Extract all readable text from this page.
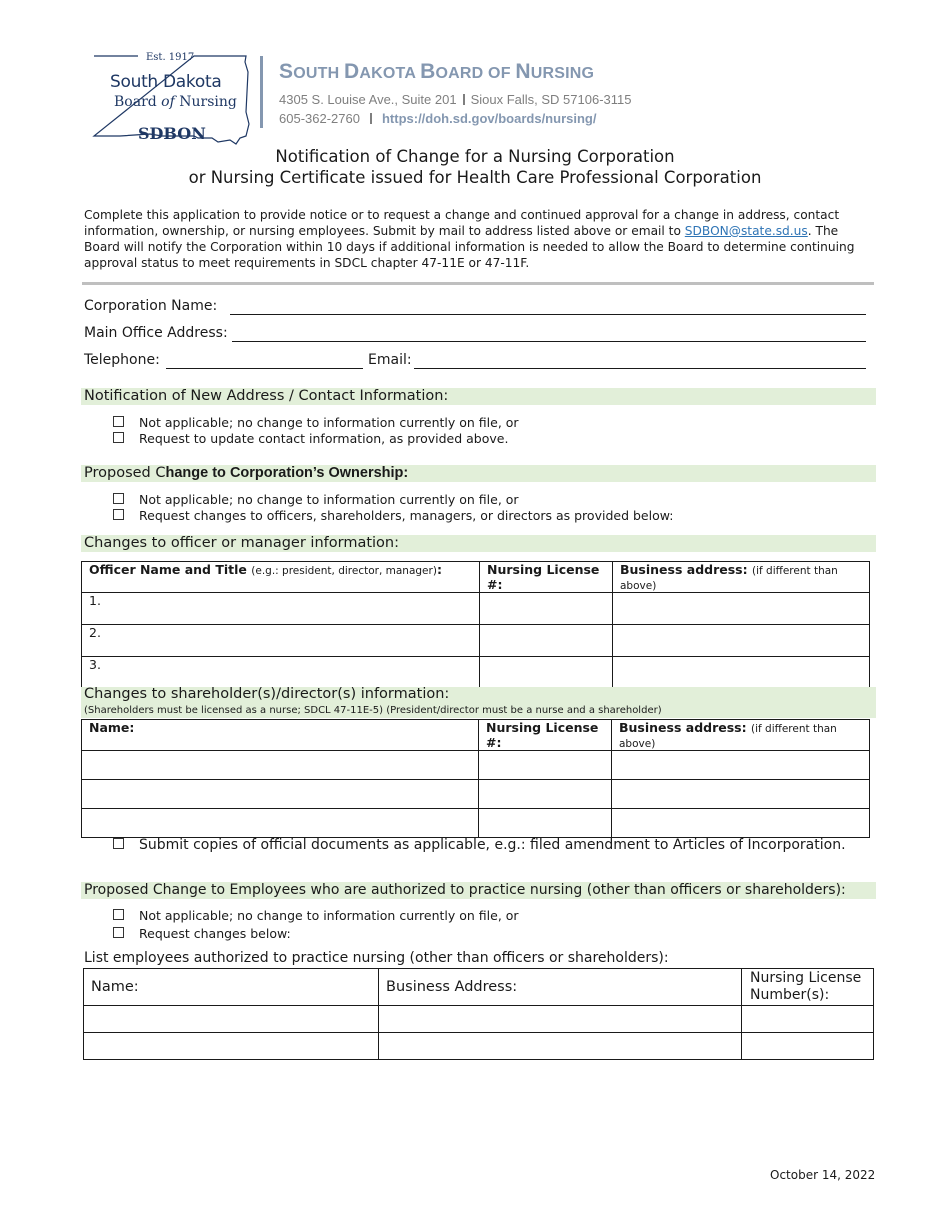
Est. 1917
South Dakota
Board of Nursing
SDBON
SOUTH DAKOTA BOARD OF NURSING
4305 S. Louise Ave., Suite 201 Sioux Falls, SD 57106-3115
605-362-2760 https://doh.sd.gov/boards/nursing/
Notification of Change for a Nursing Corporation
or Nursing Certificate issued for Health Care Professional Corporation
Complete this application to provide notice or to request a change and continued approval for a change in address, contact information, ownership, or nursing employees. Submit by mail to address listed above or email to SDBON@state.sd.us. The Board will notify the Corporation within 10 days if additional information is needed to allow the Board to determine continuing approval status to meet requirements in SDCL chapter 47-11E or 47-11F.
Corporation Name:
Main Office Address:
Telephone:	Email:
Notification of New Address / Contact Information:
Not applicable; no change to information currently on file, or
Request to update contact information, as provided above.
Proposed Change to Corporation’s Ownership:
Not applicable; no change to information currently on file, or
Request changes to officers, shareholders, managers, or directors as provided below:
Changes to officer or manager information:
Officer Name and Title (e.g.: president, director, manager):	Nursing License #:	Business address: (if different than above)
1.		
2.		
3.		
Changes to shareholder(s)/director(s) information:
(Shareholders must be licensed as a nurse; SDCL 47-11E-5) (President/director must be a nurse and a shareholder)
Name:	Nursing License #:	Business address: (if different than above)

Submit copies of official documents as applicable, e.g.: filed amendment to Articles of Incorporation.
Proposed Change to Employees who are authorized to practice nursing (other than officers or shareholders):
Not applicable; no change to information currently on file, or
Request changes below:
List employees authorized to practice nursing (other than officers or shareholders):
Name:	Business Address:	Nursing License
Number(s):

October 14, 2022
